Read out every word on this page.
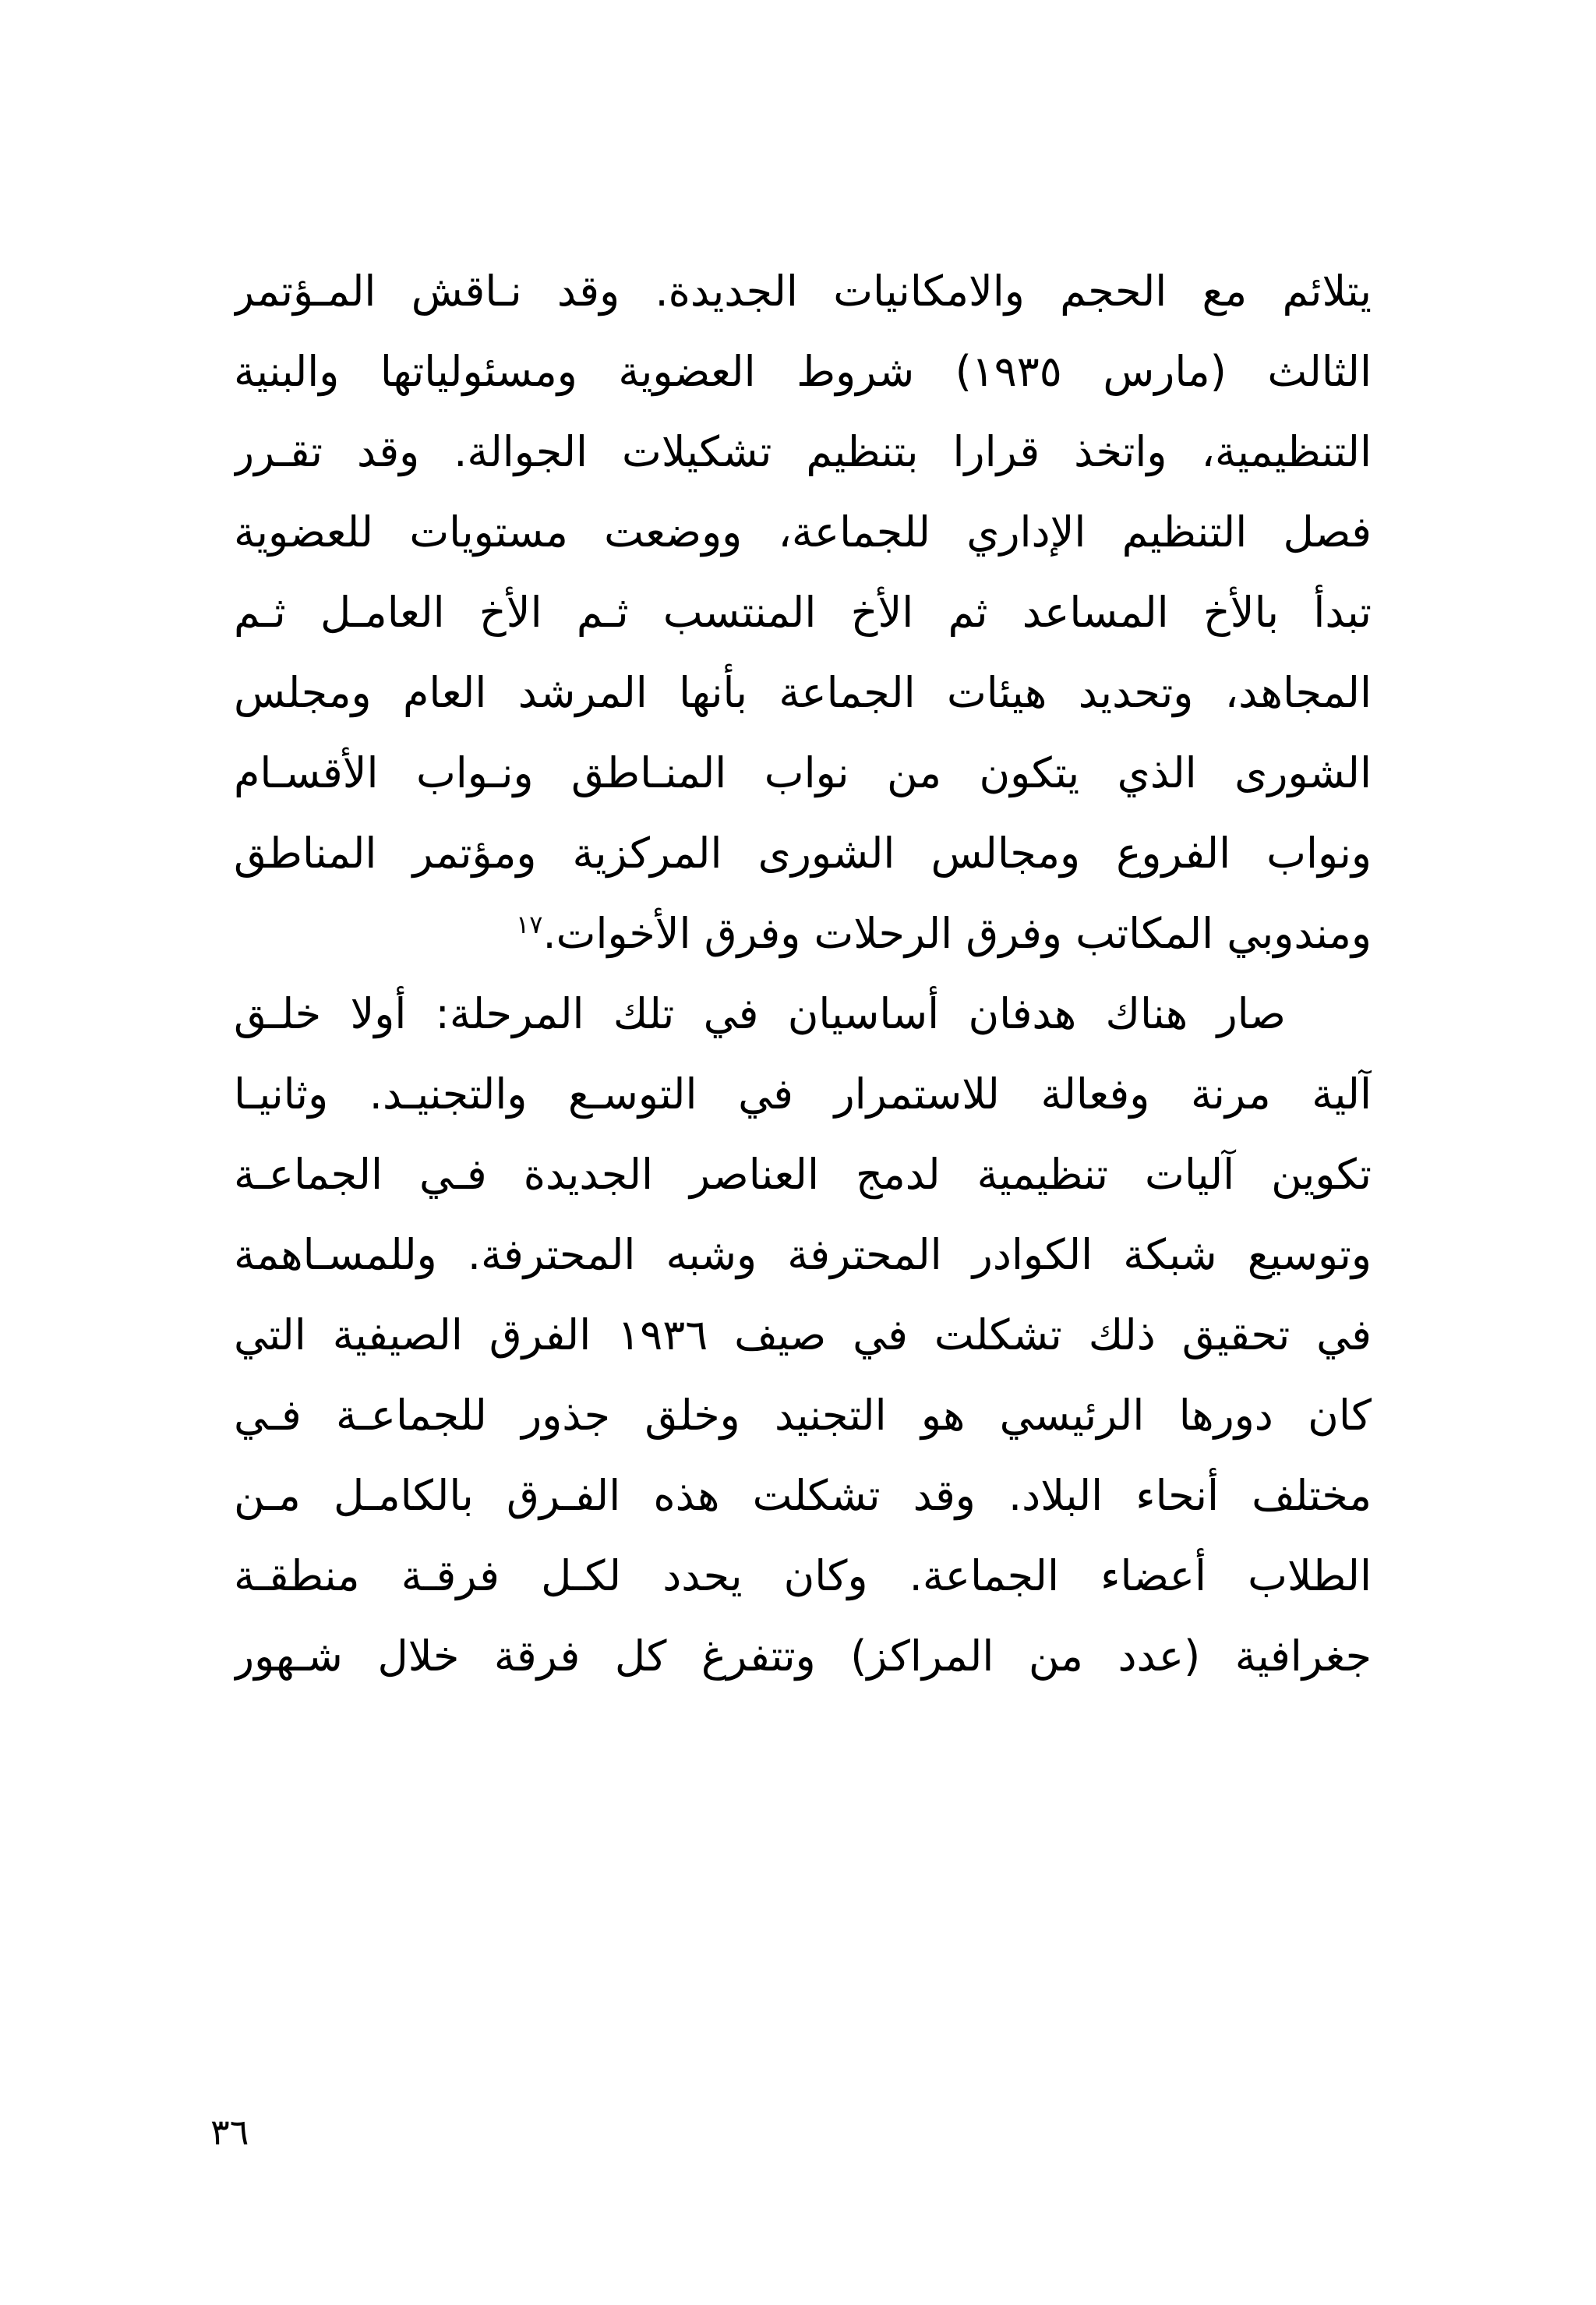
يتلائم مع الحجم والامكانيات الجديدة. وقد نـاقش المـؤتمر
الثالث (مارس ١٩٣٥) شروط العضوية ومسئولياتها والبنية
التنظيمية، واتخذ قرارا بتنظيم تشكيلات الجوالة. وقد تقـرر
فصل التنظيم الإداري للجماعة، ووضعت مستويات للعضوية
تبدأ بالأخ المساعد ثم الأخ المنتسب ثـم الأخ العامـل ثـم
المجاهد، وتحديد هيئات الجماعة بأنها المرشد العام ومجلس
الشورى الذي يتكون من نواب المنـاطق ونـواب الأقسـام
ونواب الفروع ومجالس الشورى المركزية ومؤتمر المناطق
ومندوبي المكاتب وفرق الرحلات وفرق الأخوات.$^{١٧}$
صار هناك هدفان أساسيان في تلك المرحلة: أولا خلـق
آلية مرنة وفعالة للاستمرار في التوسـع والتجنيـد. وثانيـا
تكوين آليات تنظيمية لدمج العناصر الجديدة فـي الجماعـة
وتوسيع شبكة الكوادر المحترفة وشبه المحترفة. وللمسـاهمة
في تحقيق ذلك تشكلت في صيف ١٩٣٦ الفرق الصيفية التي
كان دورها الرئيسي هو التجنيد وخلق جذور للجماعـة فـي
مختلف أنحاء البلاد. وقد تشكلت هذه الفـرق بالكامـل مـن
الطلاب أعضاء الجماعة. وكان يحدد لكـل فرقـة منطقـة
جغرافية (عدد من المراكز) وتتفرغ كل فرقة خلال شـهور
٣٦
